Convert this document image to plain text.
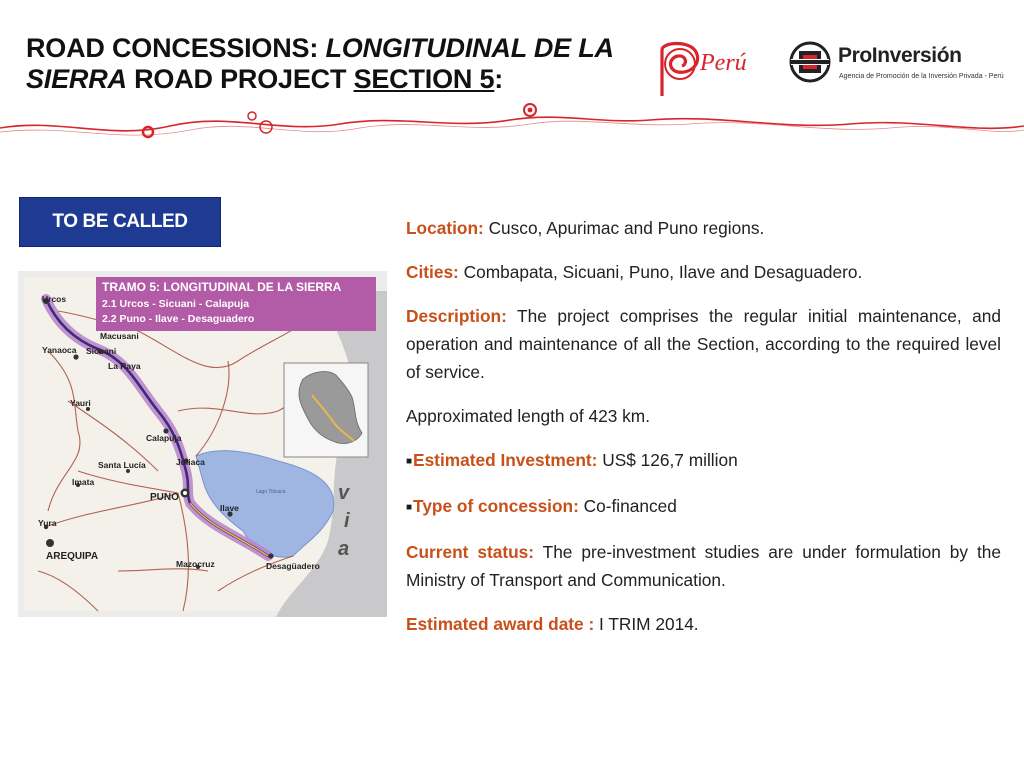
ROAD CONCESSIONS: LONGITUDINAL DE LA SIERRA ROAD PROJECT SECTION 5:
Perú	ProInversión
Agencia de Promoción de la Inversión Privada - Perú
TO BE CALLED
Lago Titicaca
TRAMO 5: LONGITUDINAL DE LA SIERRA
2.1 Urcos - Sicuani - Calapuja
2.2 Puno - Ilave - Desaguadero
Urcos
Yanaoca Sicuani
Macusani
La Raya
Yauri
Calapuja
Juliaca
Santa Lucía
Imata
PUNO
Ilave
Yura
AREQUIPA
Mazocruz	Desagüadero
v
i
a

Location: Cusco, Apurimac and Puno regions.

Cities: Combapata, Sicuani, Puno, Ilave and Desaguadero.

Description: The project comprises the regular initial maintenance, and operation and maintenance of all the Section, according to the required level of service.

Approximated length of 423 km.

■Estimated Investment: US$ 126,7 million

■Type of concession: Co-financed

Current status: The pre-investment studies are under formulation by the Ministry of Transport and Communication.

Estimated award date : I TRIM 2014.
